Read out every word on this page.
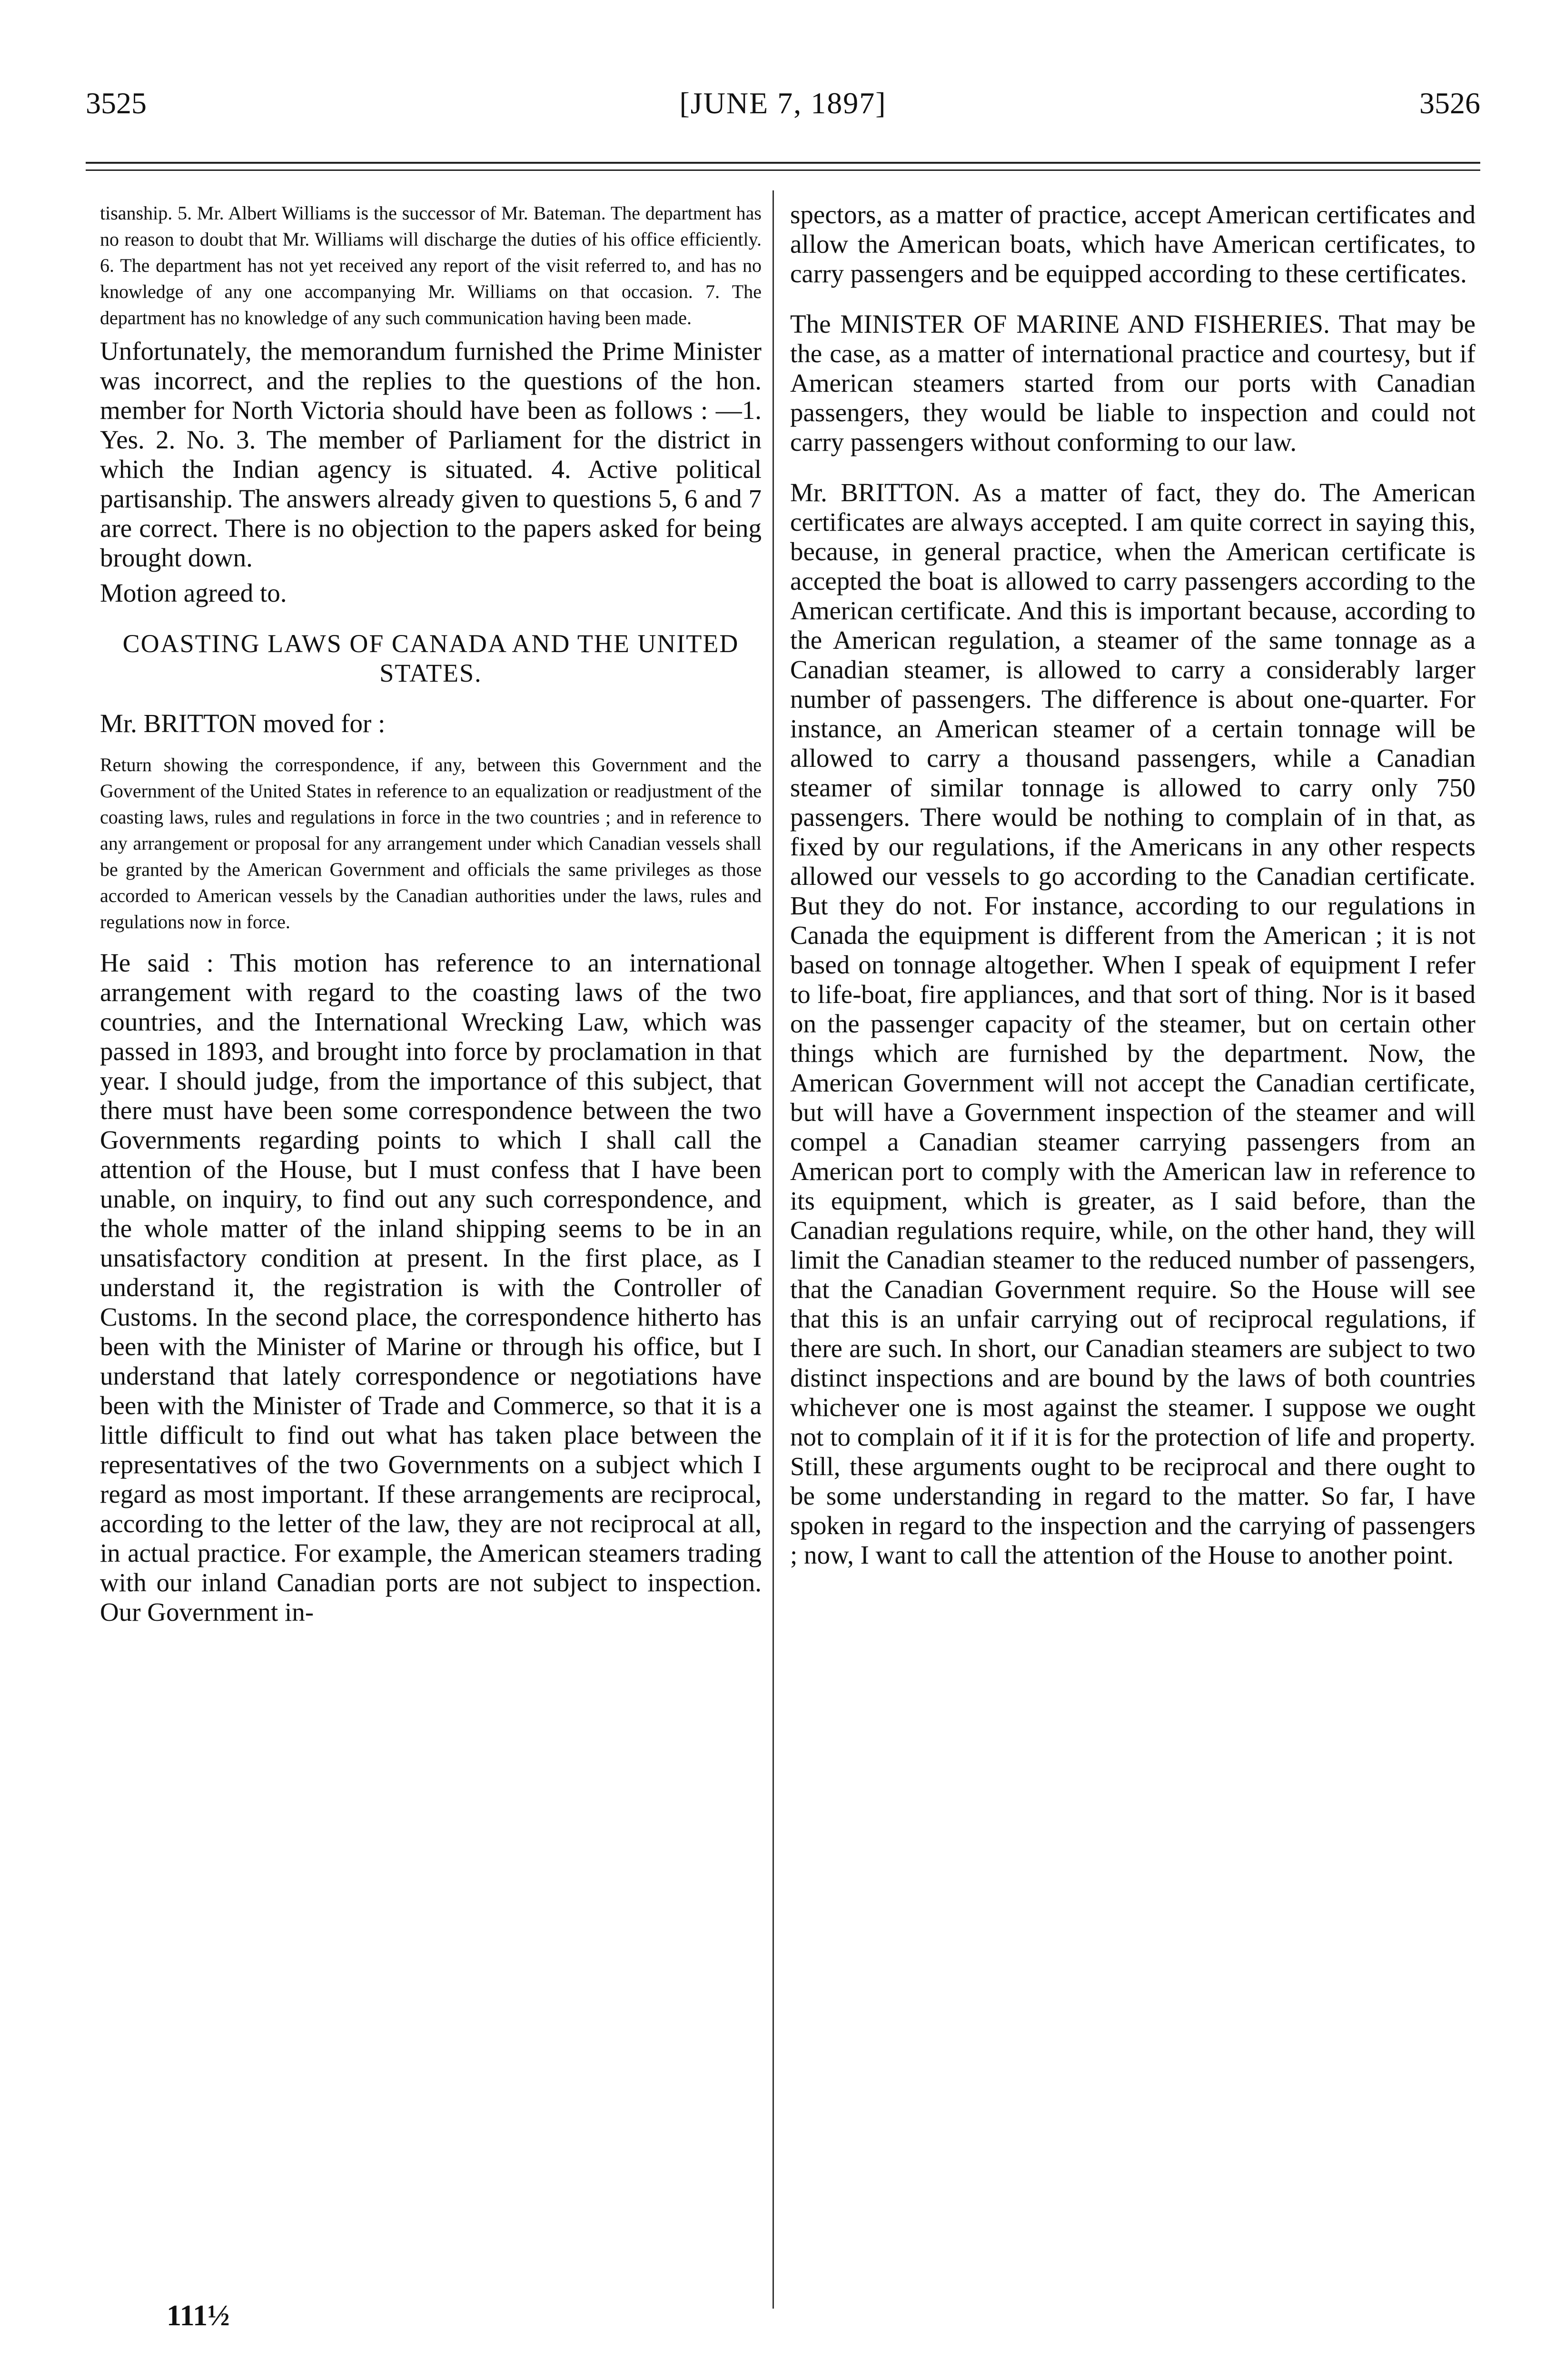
3525	[JUNE 7, 1897]	3526

tisanship. 5. Mr. Albert Williams is the successor of Mr. Bateman. The department has no reason to doubt that Mr. Williams will discharge the duties of his office efficiently. 6. The department has not yet received any report of the visit referred to, and has no knowledge of any one accompanying Mr. Williams on that occasion. 7. The department has no knowledge of any such communication having been made.

Unfortunately, the memorandum furnished the Prime Minister was incorrect, and the replies to the questions of the hon. member for North Victoria should have been as follows : —1. Yes. 2. No. 3. The member of Parliament for the district in which the Indian agency is situated. 4. Active political partisanship. The answers already given to questions 5, 6 and 7 are correct. There is no objection to the papers asked for being brought down.

Motion agreed to.

COASTING LAWS OF CANADA AND THE UNITED STATES.

Mr. BRITTON moved for :

Return showing the correspondence, if any, between this Government and the Government of the United States in reference to an equalization or readjustment of the coasting laws, rules and regulations in force in the two countries ; and in reference to any arrangement or proposal for any arrangement under which Canadian vessels shall be granted by the American Government and officials the same privileges as those accorded to American vessels by the Canadian authorities under the laws, rules and regulations now in force.

He said : This motion has reference to an international arrangement with regard to the coasting laws of the two countries, and the International Wrecking Law, which was passed in 1893, and brought into force by proclamation in that year. I should judge, from the importance of this subject, that there must have been some correspondence between the two Governments regarding points to which I shall call the attention of the House, but I must confess that I have been unable, on inquiry, to find out any such correspondence, and the whole matter of the inland shipping seems to be in an unsatisfactory condition at present. In the first place, as I understand it, the registration is with the Controller of Customs. In the second place, the correspondence hitherto has been with the Minister of Marine or through his office, but I understand that lately correspondence or negotiations have been with the Minister of Trade and Commerce, so that it is a little difficult to find out what has taken place between the representatives of the two Governments on a subject which I regard as most important. If these arrangements are reciprocal, according to the letter of the law, they are not reciprocal at all, in actual practice. For example, the American steamers trading with our inland Canadian ports are not subject to inspection. Our Government in-

spectors, as a matter of practice, accept American certificates and allow the American boats, which have American certificates, to carry passengers and be equipped according to these certificates.

The MINISTER OF MARINE AND FISHERIES. That may be the case, as a matter of international practice and courtesy, but if American steamers started from our ports with Canadian passengers, they would be liable to inspection and could not carry passengers without conforming to our law.

Mr. BRITTON. As a matter of fact, they do. The American certificates are always accepted. I am quite correct in saying this, because, in general practice, when the American certificate is accepted the boat is allowed to carry passengers according to the American certificate. And this is important because, according to the American regulation, a steamer of the same tonnage as a Canadian steamer, is allowed to carry a considerably larger number of passengers. The difference is about one-quarter. For instance, an American steamer of a certain tonnage will be allowed to carry a thousand passengers, while a Canadian steamer of similar tonnage is allowed to carry only 750 passengers. There would be nothing to complain of in that, as fixed by our regulations, if the Americans in any other respects allowed our vessels to go according to the Canadian certificate. But they do not. For instance, according to our regulations in Canada the equipment is different from the American ; it is not based on tonnage altogether. When I speak of equipment I refer to life-boat, fire appliances, and that sort of thing. Nor is it based on the passenger capacity of the steamer, but on certain other things which are furnished by the department. Now, the American Government will not accept the Canadian certificate, but will have a Government inspection of the steamer and will compel a Canadian steamer carrying passengers from an American port to comply with the American law in reference to its equipment, which is greater, as I said before, than the Canadian regulations require, while, on the other hand, they will limit the Canadian steamer to the reduced number of passengers, that the Canadian Government require. So the House will see that this is an unfair carrying out of reciprocal regulations, if there are such. In short, our Canadian steamers are subject to two distinct inspections and are bound by the laws of both countries whichever one is most against the steamer. I suppose we ought not to complain of it if it is for the protection of life and property. Still, these arguments ought to be reciprocal and there ought to be some understanding in regard to the matter. So far, I have spoken in regard to the inspection and the carrying of passengers ; now, I want to call the attention of the House to another point.

111½
